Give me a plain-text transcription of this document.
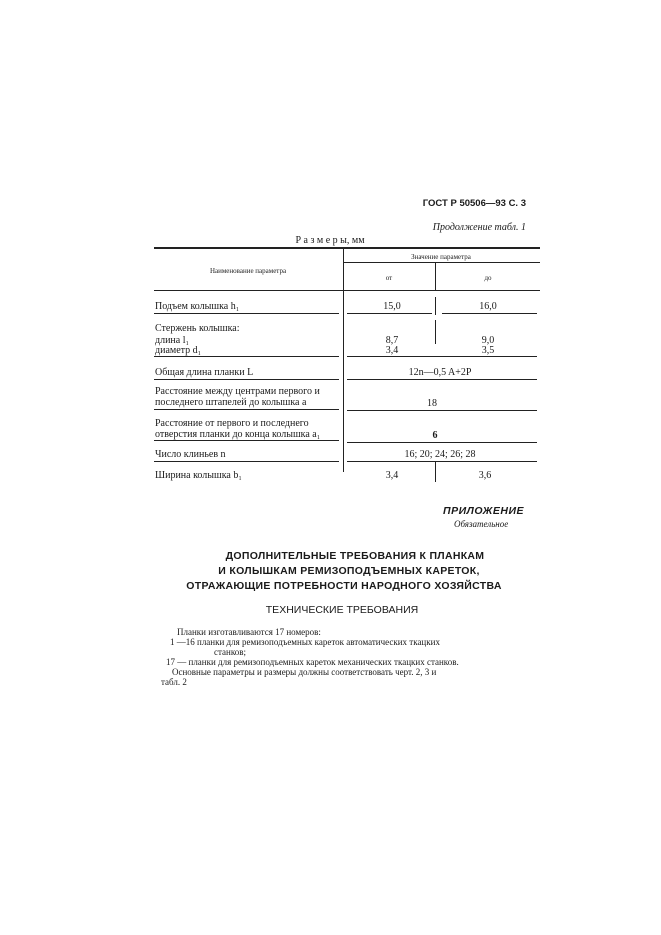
ГОСТ Р 50506—93 С. 3
Продолжение табл. 1
Р а з м е р ы, мм
Наименование параметра
Значение параметра
от	до
Подъем колышка h₁	15,0	16,0
Стержень колышка:
длина l₁	8,7	9,0
диаметр d₁	3,4	3,5
Общая длина планки L	12n—0,5 A+2P
Расстояние между центрами первого и
последнего штапелей до колышка a	18
Расстояние от первого и последнего
отверстия планки до конца колышка a₁	6
Число клиньев n	16; 20; 24; 26; 28
Ширина колышка b₁	3,4	3,6
ПРИЛОЖЕНИЕ
Обязательное
ДОПОЛНИТЕЛЬНЫЕ ТРЕБОВАНИЯ К ПЛАНКАМ
И КОЛЫШКАМ РЕМИЗОПОДЪЕМНЫХ КАРЕТОК,
ОТРАЖАЮЩИЕ ПОТРЕБНОСТИ НАРОДНОГО ХОЗЯЙСТВА
ТЕХНИЧЕСКИЕ ТРЕБОВАНИЯ
Планки изготавливаются 17 номеров:
1 —16 планки для ремизоподъемных кареток автоматических ткацких
станков;
17 — планки для ремизоподъемных кареток механических ткацких станков.
Основные параметры и размеры должны соответствовать черт. 2, 3 и
табл. 2
